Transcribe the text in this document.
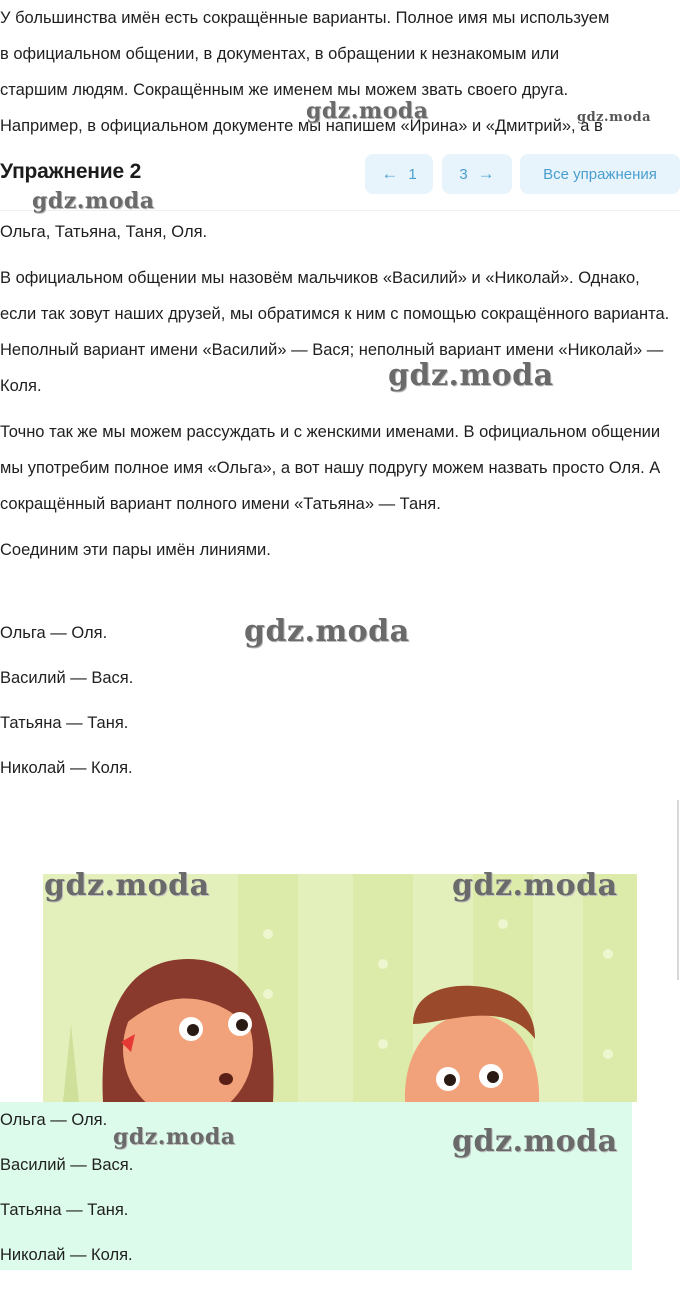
У большинства имён есть сокращённые варианты. Полное имя мы используем

в официальном общении, в документах, в обращении к незнакомым или

старшим людям. Сокращённым же именем мы можем звать своего друга.

Например, в официальном документе мы напишем «Ирина» и «Дмитрий», а в

Упражнение 2	← 1	3 →	Все упражнения

Ольга, Татьяна, Таня, Оля.

В официальном общении мы назовём мальчиков «Василий» и «Николай». Однако, если так зовут наших друзей, мы обратимся к ним с помощью сокращённого варианта. Неполный вариант имени «Василий» — Вася; неполный вариант имени «Николай» — Коля.

Точно так же мы можем рассуждать и с женскими именами. В официальном общении мы употребим полное имя «Ольга», а вот нашу подругу можем назвать просто Оля. А сокращённый вариант полного имени «Татьяна» — Таня.

Соединим эти пары имён линиями.

Ольга — Оля.
Василий — Вася.
Татьяна — Таня.
Николай — Коля.
Ольга — Оля.
Василий — Вася.
Татьяна — Таня.
Николай — Коля.
gdz.moda	gdz.moda
gdz.moda
gdz.moda
gdz.moda
gdz.moda	gdz.moda
gdz.moda	gdz.moda
